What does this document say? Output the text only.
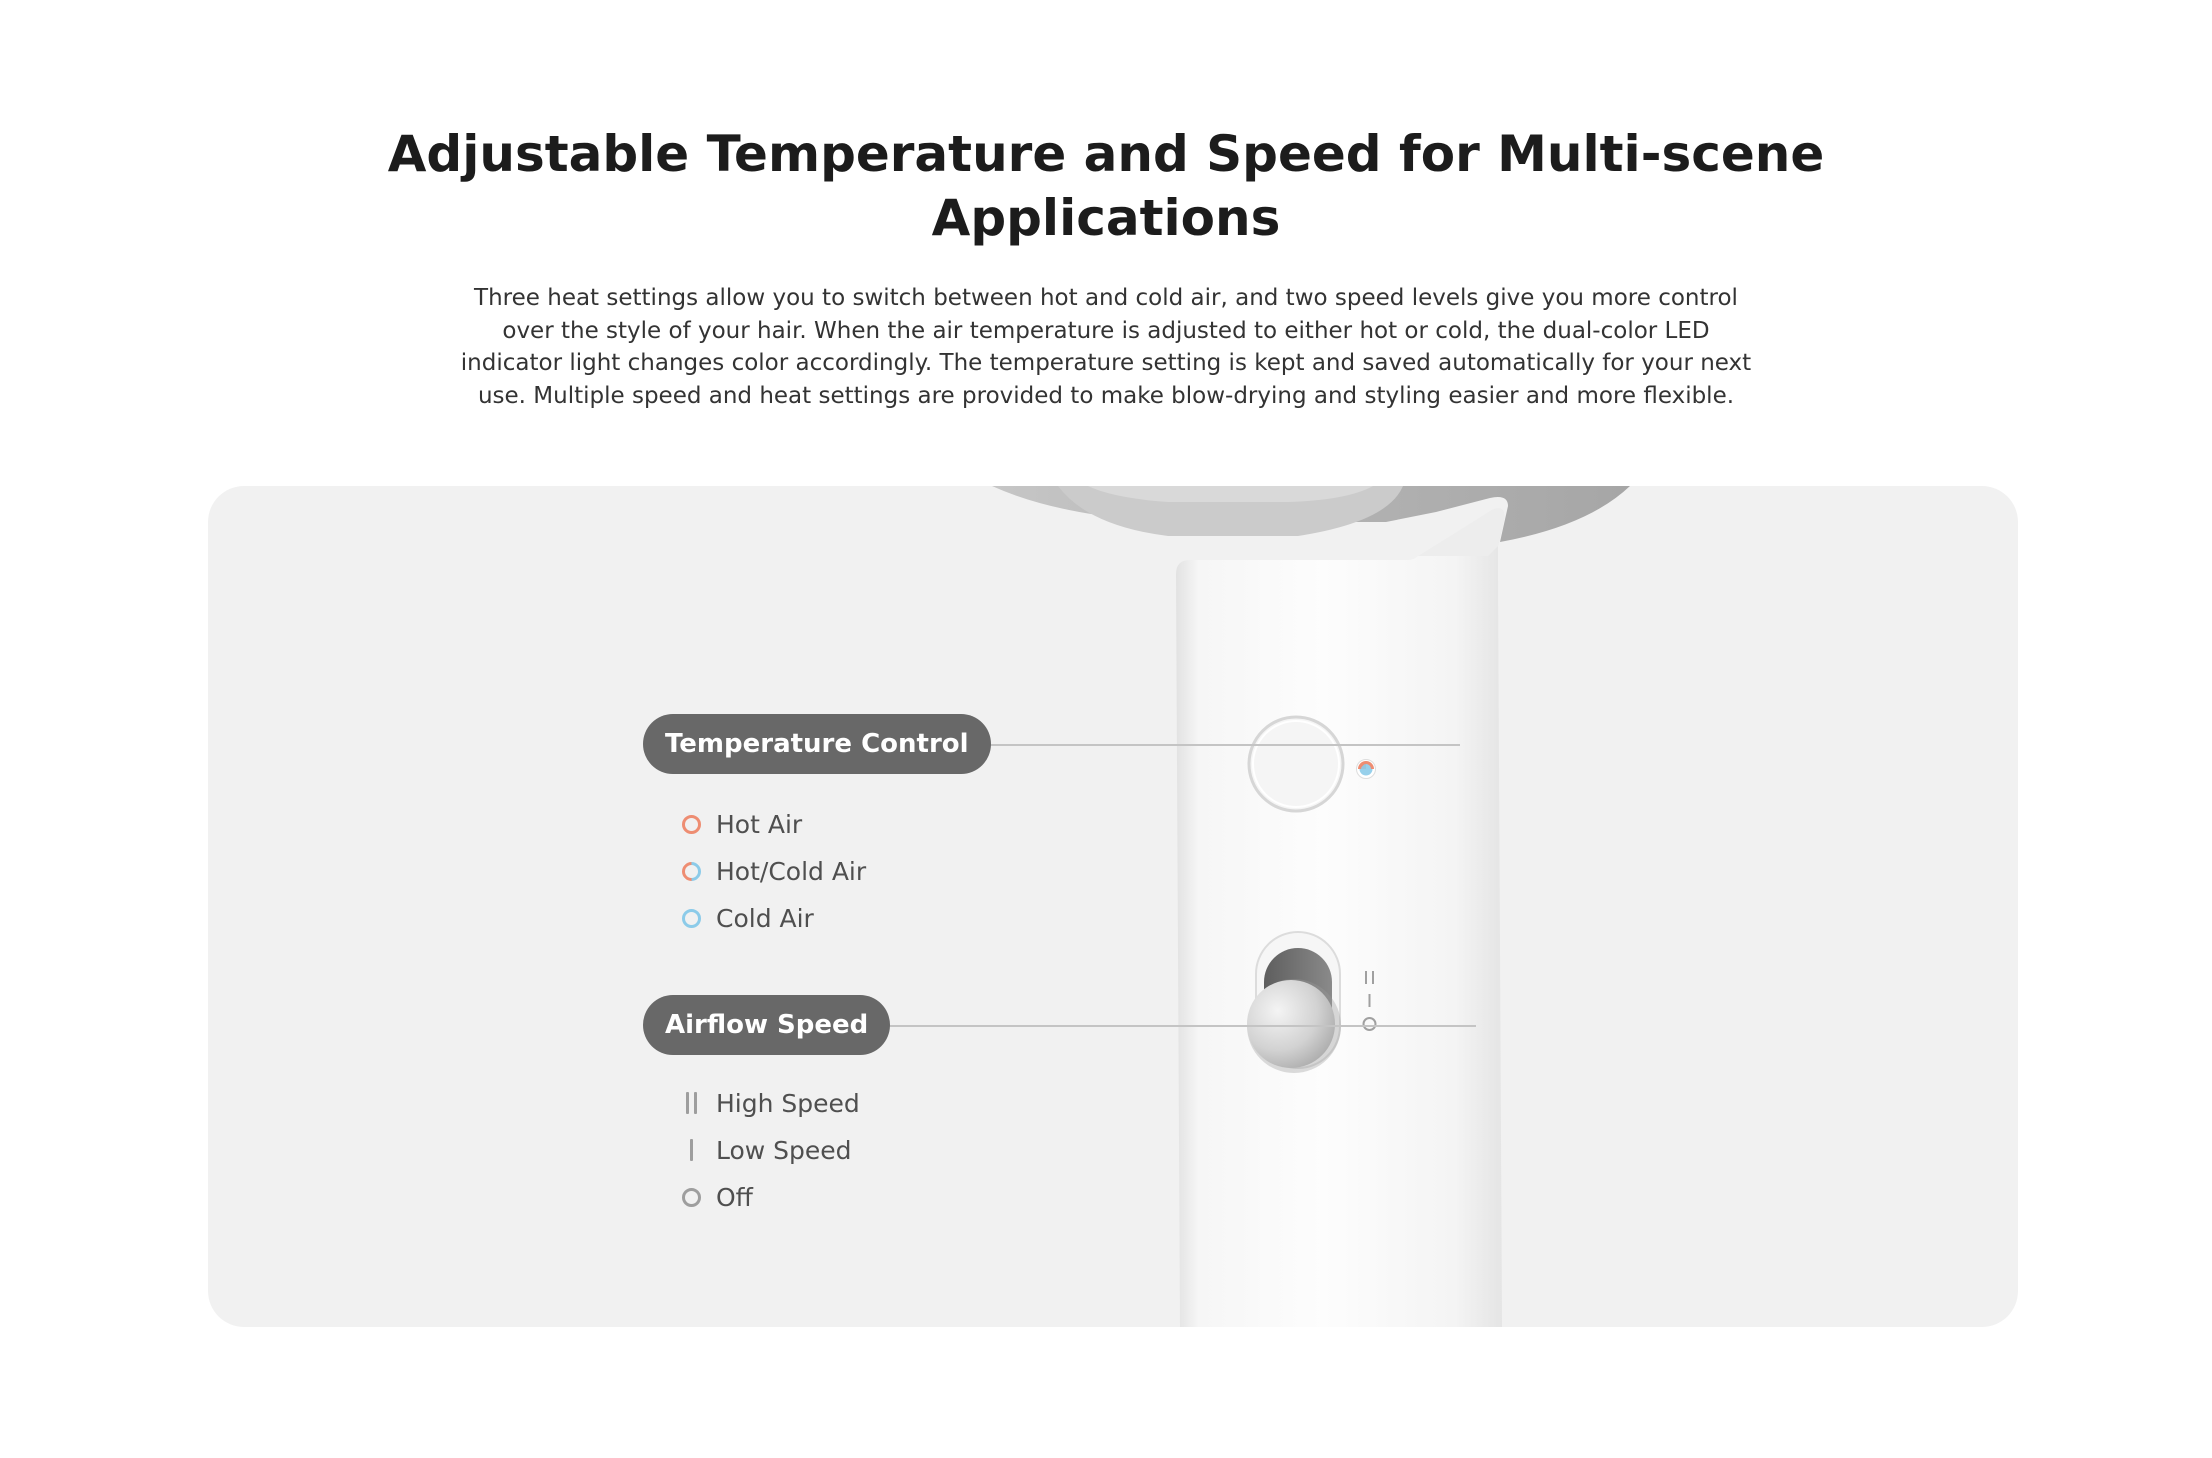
Adjustable Temperature and Speed for Multi-scene Applications

Three heat settings allow you to switch between hot and cold air, and two speed levels give you more control over the style of your hair. When the air temperature is adjusted to either hot or cold, the dual-color LED indicator light changes color accordingly. The temperature setting is kept and saved automatically for your next use. Multiple speed and heat settings are provided to make blow-drying and styling easier and more flexible.

Temperature Control
Hot Air
Hot/Cold Air
Cold Air
Airflow Speed
High Speed
Low Speed
Off
